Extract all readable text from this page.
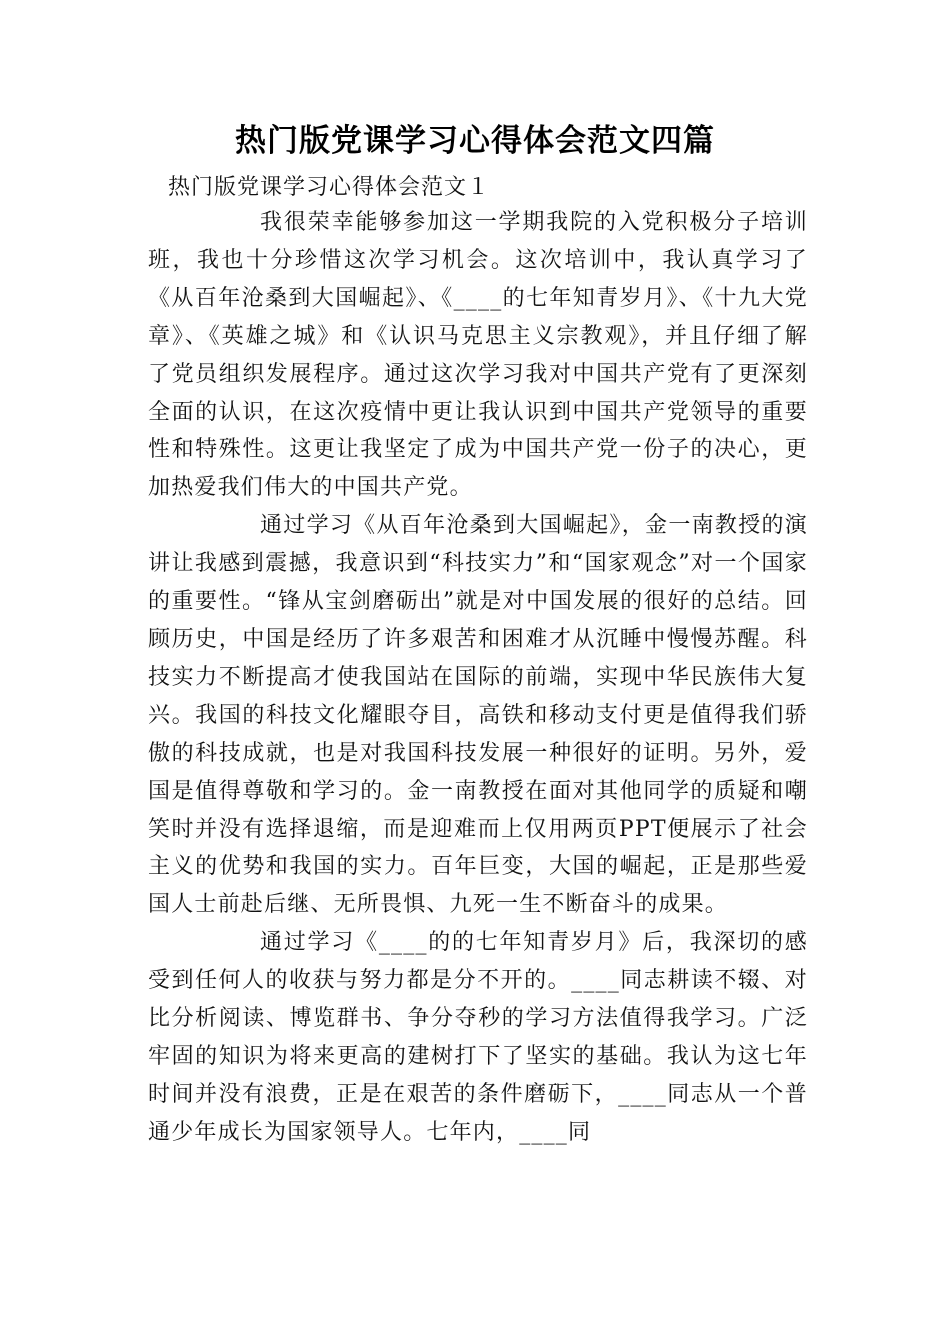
热门版党课学习心得体会范文四篇
热门版党课学习心得体会范文１

我很荣幸能够参加这一学期我院的入党积极分子培训班，我也十分珍惜这次学习机会。这次培训中，我认真学习了《从百年沧桑到大国崛起》、《____的七年知青岁月》、《十九大党章》、《英雄之城》和《认识马克思主义宗教观》，并且仔细了解了党员组织发展程序。通过这次学习我对中国共产党有了更深刻全面的认识，在这次疫情中更让我认识到中国共产党领导的重要性和特殊性。这更让我坚定了成为中国共产党一份子的决心，更加热爱我们伟大的中国共产党。

通过学习《从百年沧桑到大国崛起》，金一南教授的演讲让我感到震撼，我意识到“科技实力”和“国家观念”对一个国家的重要性。“锋从宝剑磨砺出”就是对中国发展的很好的总结。回顾历史，中国是经历了许多艰苦和困难才从沉睡中慢慢苏醒。科技实力不断提高才使我国站在国际的前端，实现中华民族伟大复兴。我国的科技文化耀眼夺目，高铁和移动支付更是值得我们骄傲的科技成就，也是对我国科技发展一种很好的证明。另外，爱国是值得尊敬和学习的。金一南教授在面对其他同学的质疑和嘲笑时并没有选择退缩，而是迎难而上仅用两页PPT便展示了社会主义的优势和我国的实力。百年巨变，大国的崛起，正是那些爱国人士前赴后继、无所畏惧、九死一生不断奋斗的成果。

通过学习《____的的七年知青岁月》后，我深切的感受到任何人的收获与努力都是分不开的。____同志耕读不辍、对比分析阅读、博览群书、争分夺秒的学习方法值得我学习。广泛牢固的知识为将来更高的建树打下了坚实的基础。我认为这七年时间并没有浪费，正是在艰苦的条件磨砺下，____同志从一个普通少年成长为国家领导人。七年内，____同
